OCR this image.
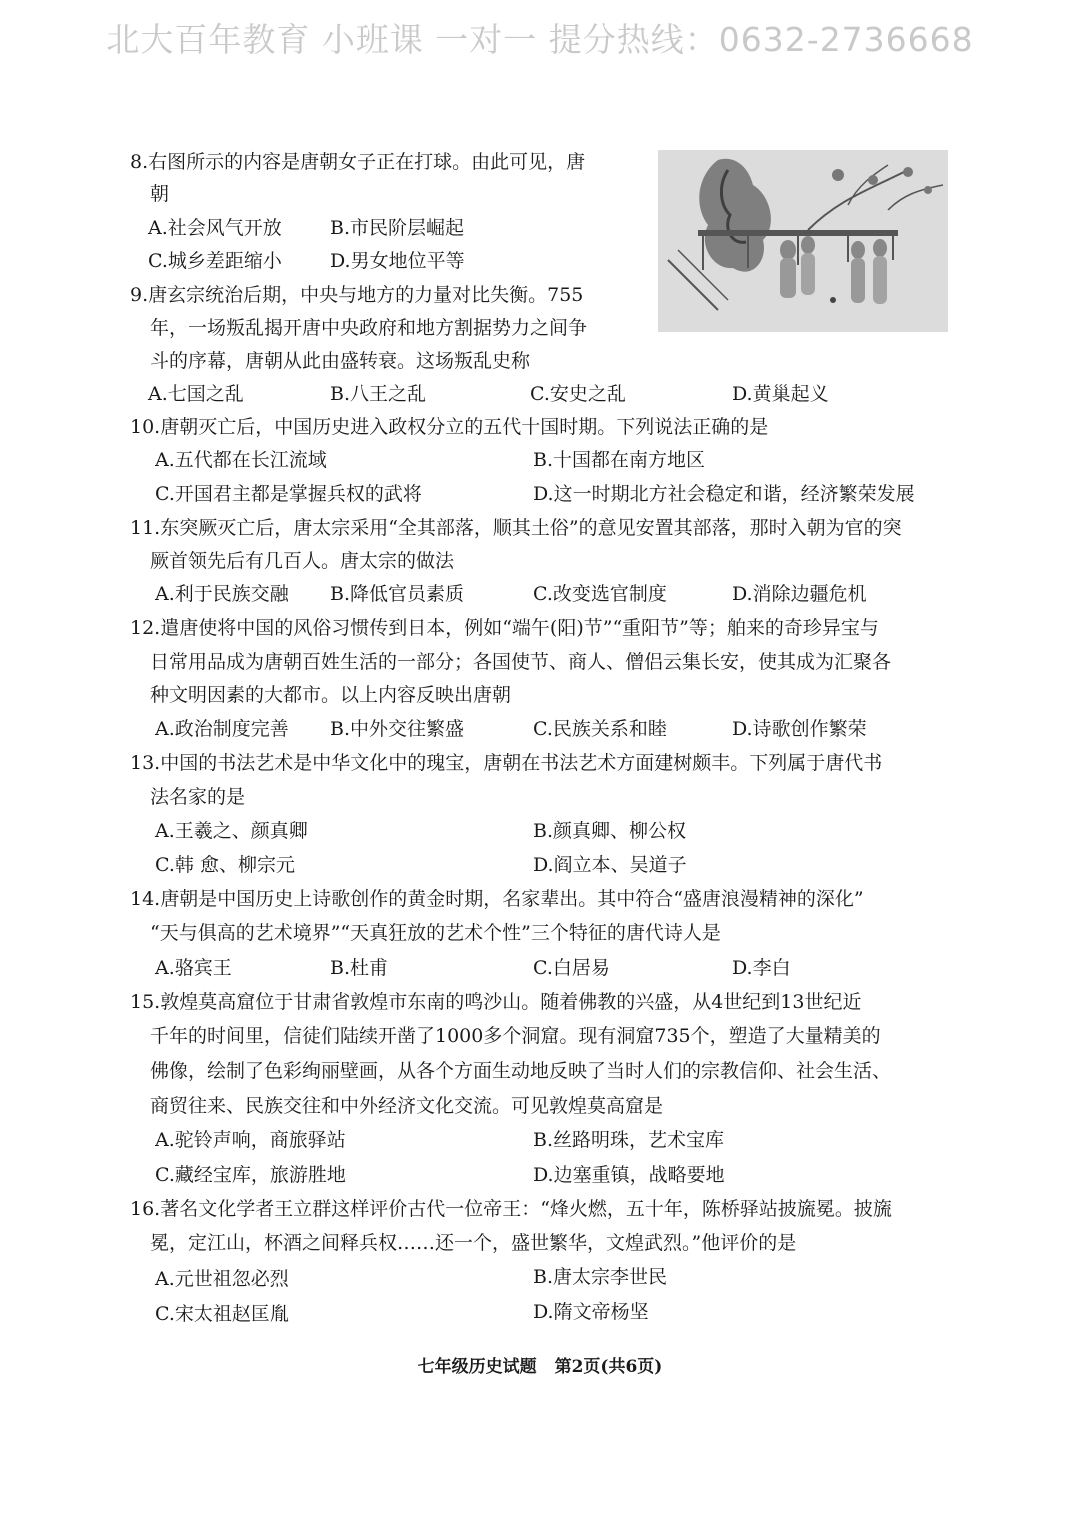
北大百年教育 小班课 一对一 提分热线：0632-2736668
8.右图所示的内容是唐朝女子正在打球。由此可见，唐
朝
A.社会风气开放	B.市民阶层崛起
C.城乡差距缩小	D.男女地位平等
9.唐玄宗统治后期，中央与地方的力量对比失衡。755
年，一场叛乱揭开唐中央政府和地方割据势力之间争
斗的序幕，唐朝从此由盛转衰。这场叛乱史称
A.七国之乱	B.八王之乱	C.安史之乱	D.黄巢起义
10.唐朝灭亡后，中国历史进入政权分立的五代十国时期。下列说法正确的是
A.五代都在长江流域	B.十国都在南方地区
C.开国君主都是掌握兵权的武将	D.这一时期北方社会稳定和谐，经济繁荣发展
11.东突厥灭亡后，唐太宗采用“全其部落，顺其土俗”的意见安置其部落，那时入朝为官的突
厥首领先后有几百人。唐太宗的做法
A.利于民族交融 B.降低官员素质	C.改变选官制度	D.消除边疆危机
12.遣唐使将中国的风俗习惯传到日本，例如“端午(阳)节”“重阳节”等；舶来的奇珍异宝与
日常用品成为唐朝百姓生活的一部分；各国使节、商人、僧侣云集长安，使其成为汇聚各
种文明因素的大都市。以上内容反映出唐朝
A.政治制度完善 B.中外交往繁盛	C.民族关系和睦	D.诗歌创作繁荣
13.中国的书法艺术是中华文化中的瑰宝，唐朝在书法艺术方面建树颇丰。下列属于唐代书
法名家的是
A.王羲之、颜真卿	B.颜真卿、柳公权
C.韩 愈、柳宗元	D.阎立本、吴道子
14.唐朝是中国历史上诗歌创作的黄金时期，名家辈出。其中符合“盛唐浪漫精神的深化”
“天与俱高的艺术境界”“天真狂放的艺术个性”三个特征的唐代诗人是
A.骆宾王	B.杜甫	C.白居易	D.李白
15.敦煌莫高窟位于甘肃省敦煌市东南的鸣沙山。随着佛教的兴盛，从4世纪到13世纪近
千年的时间里，信徒们陆续开凿了1000多个洞窟。现有洞窟735个，塑造了大量精美的
佛像，绘制了色彩绚丽壁画，从各个方面生动地反映了当时人们的宗教信仰、社会生活、
商贸往来、民族交往和中外经济文化交流。可见敦煌莫高窟是
A.驼铃声响，商旅驿站	B.丝路明珠，艺术宝库
C.藏经宝库，旅游胜地	D.边塞重镇，战略要地
16.著名文化学者王立群这样评价古代一位帝王：“烽火燃，五十年，陈桥驿站披旒冕。披旒
冕，定江山，杯酒之间释兵权……还一个，盛世繁华，文煌武烈。”他评价的是
A.元世祖忽必烈	B.唐太宗李世民
C.宋太祖赵匡胤	D.隋文帝杨坚
七年级历史试题 第2页(共6页)
